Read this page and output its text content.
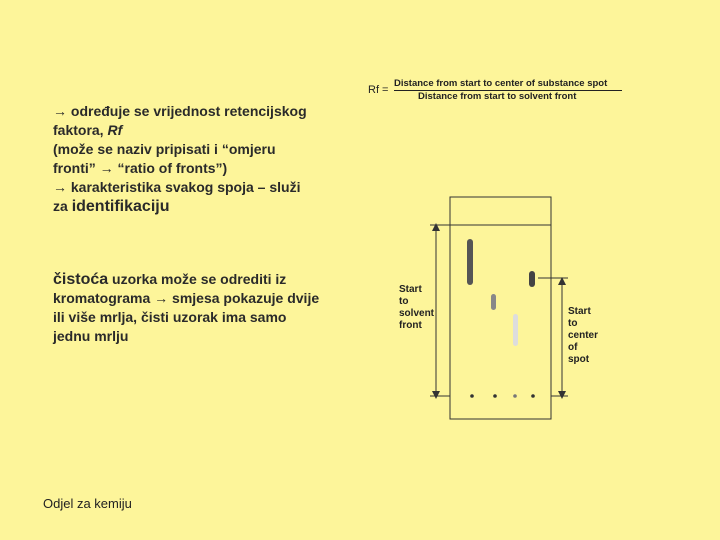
→ određuje se vrijednost retencijskog

faktora, Rf

(može se naziv pripisati i “omjeru

fronti” → “ratio of fronts”)

→ karakteristika svakog spoja – služi

za identifikaciju

čistoća uzorka može se odrediti iz

kromatograma → smjesa pokazuje dvije

ili više mrlja, čisti uzorak ima samo

jednu mrlju

Rf =
Distance from start to center of substance spot
Distance from start to solvent front
Start
to
solvent
front
Start
to
center
of
spot
Odjel za kemiju
